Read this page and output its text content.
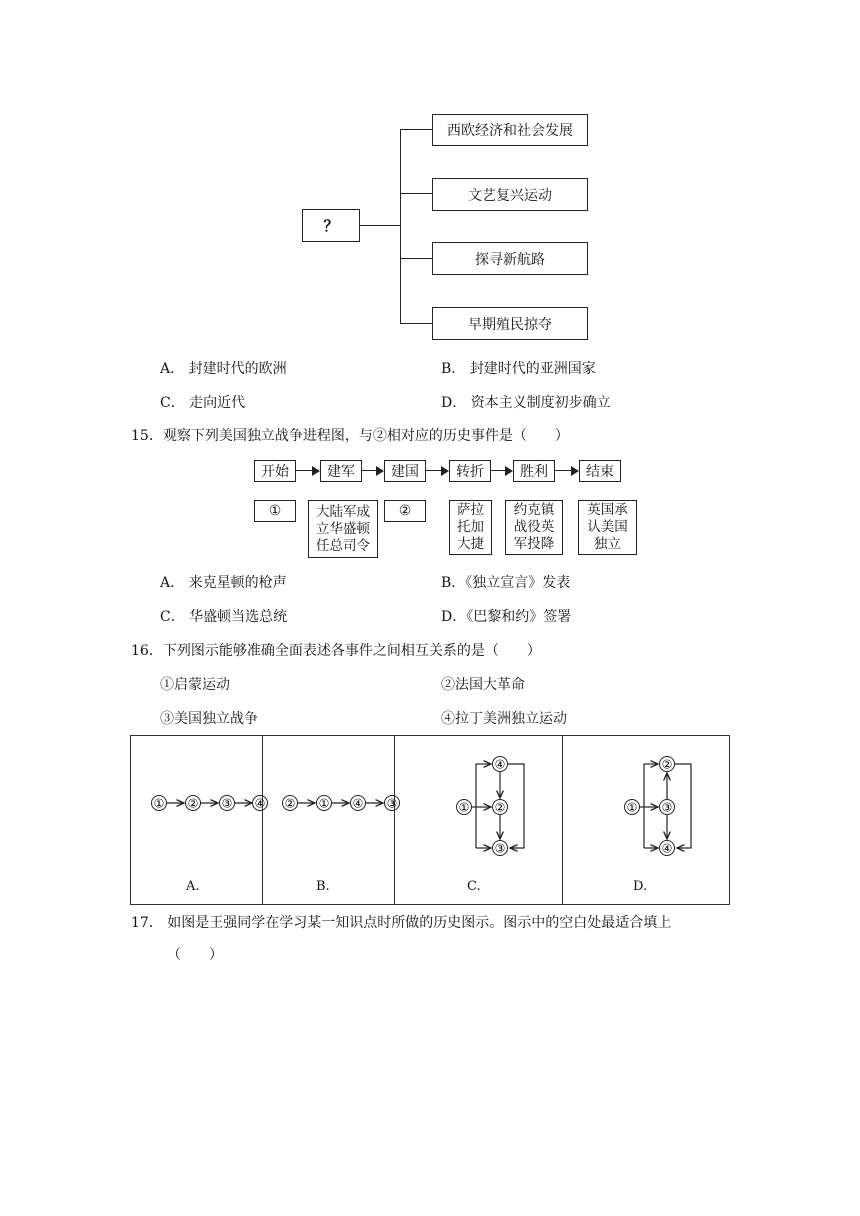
？
西欧经济和社会发展
文艺复兴运动
探寻新航路
早期殖民掠夺
A． 封建时代的欧洲	B． 封建时代的亚洲国家
C． 走向近代	D． 资本主义制度初步确立
15．观察下列美国独立战争进程图，与②相对应的历史事件是（　　）
开始	建军	建国	转折	胜利	结束
①	大陆军成
立华盛顿
任总司令
②	萨拉
托加
大捷
约克镇
战役英
军投降
英国承
认美国
独立
A． 来克星顿的枪声	B．《独立宣言》发表
C． 华盛顿当选总统	D．《巴黎和约》签署
16．下列图示能够准确全面表述各事件之间相互关系的是（　　）
①启蒙运动	②法国大革命
③美国独立战争	④拉丁美洲独立运动
① ② ③ ④ ② ① ④ ③	①
④
②
③
①
②
③
④
A.	B.	C.	D.
17． 如图是王强同学在学习某一知识点时所做的历史图示。图示中的空白处最适合填上
（　　）
